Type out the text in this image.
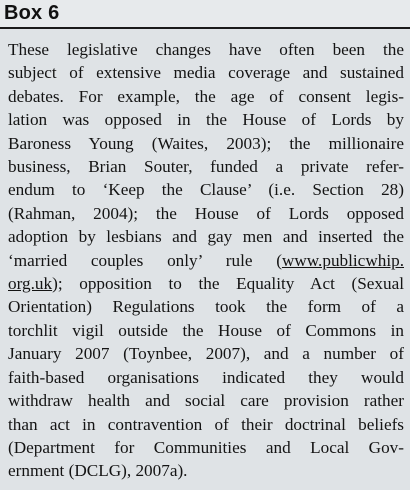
Box 6

These legislative changes have often been the
subject of extensive media coverage and sustained
debates. For example, the age of consent legis-
lation was opposed in the House of Lords by
Baroness Young (Waites, 2003); the millionaire
business, Brian Souter, funded a private refer-
endum to ‘Keep the Clause’ (i.e. Section 28)
(Rahman, 2004); the House of Lords opposed
adoption by lesbians and gay men and inserted the
‘married couples only’ rule (www.publicwhip.
org.uk); opposition to the Equality Act (Sexual
Orientation) Regulations took the form of a
torchlit vigil outside the House of Commons in
January 2007 (Toynbee, 2007), and a number of
faith-based organisations indicated they would
withdraw health and social care provision rather
than act in contravention of their doctrinal beliefs
(Department for Communities and Local Gov-
ernment (DCLG), 2007a).
